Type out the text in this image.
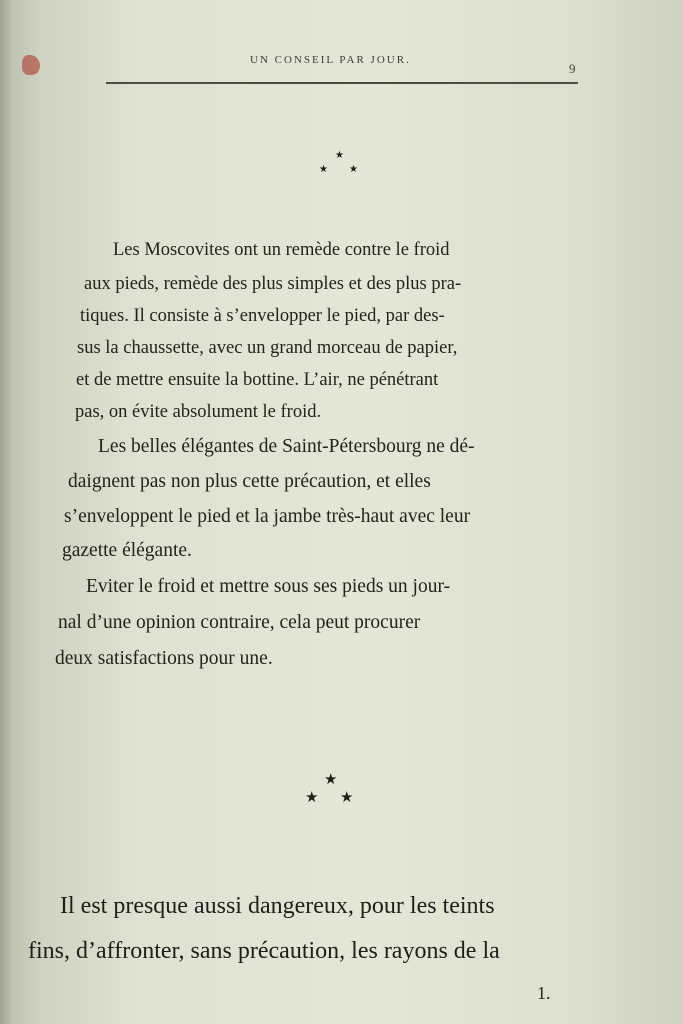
UN CONSEIL PAR JOUR.
9
★
★ ★
Les Moscovites ont un remède contre le froid
aux pieds, remède des plus simples et des plus pra-
tiques. Il consiste à s’envelopper le pied, par des-
sus la chaussette, avec un grand morceau de papier,
et de mettre ensuite la bottine. L’air, ne pénétrant
pas, on évite absolument le froid.
Les belles élégantes de Saint-Pétersbourg ne dé-
daignent pas non plus cette précaution, et elles
s’enveloppent le pied et la jambe très-haut avec leur
gazette élégante.
Eviter le froid et mettre sous ses pieds un jour-
nal d’une opinion contraire, cela peut procurer
deux satisfactions pour une.
★
★ ★
Il est presque aussi dangereux, pour les teints
fins, d’affronter, sans précaution, les rayons de la
1.
